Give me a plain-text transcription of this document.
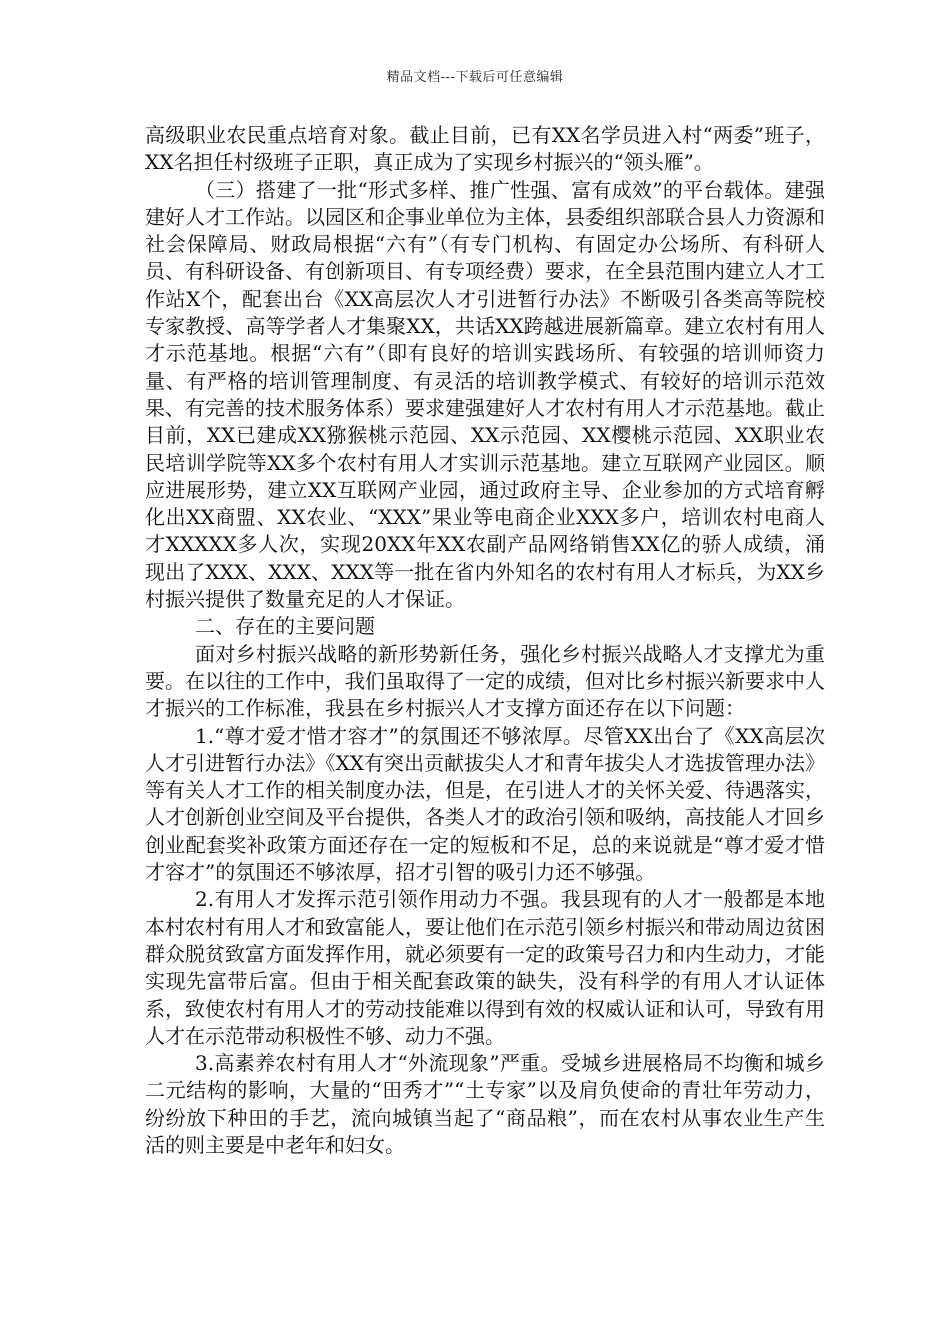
精品文档---下载后可任意编辑

高级职业农民重点培育对象。截止目前，已有XX名学员进入村“两委”班子，XX名担任村级班子正职，真正成为了实现乡村振兴的“领头雁”。

（三）搭建了一批“形式多样、推广性强、富有成效”的平台载体。建强建好人才工作站。以园区和企事业单位为主体，县委组织部联合县人力资源和社会保障局、财政局根据“六有”（有专门机构、有固定办公场所、有科研人员、有科研设备、有创新项目、有专项经费）要求，在全县范围内建立人才工作站X个，配套出台《XX高层次人才引进暂行办法》不断吸引各类高等院校专家教授、高等学者人才集聚XX，共话XX跨越进展新篇章。建立农村有用人才示范基地。根据“六有”（即有良好的培训实践场所、有较强的培训师资力量、有严格的培训管理制度、有灵活的培训教学模式、有较好的培训示范效果、有完善的技术服务体系）要求建强建好人才农村有用人才示范基地。截止目前，XX已建成XX猕猴桃示范园、XX示范园、XX樱桃示范园、XX职业农民培训学院等XX多个农村有用人才实训示范基地。建立互联网产业园区。顺应进展形势，建立XX互联网产业园，通过政府主导、企业参加的方式培育孵化出XX商盟、XX农业、“XXX”果业等电商企业XXX多户，培训农村电商人才XXXXX多人次，实现20XX年XX农副产品网络销售XX亿的骄人成绩，涌现出了XXX、XXX、XXX等一批在省内外知名的农村有用人才标兵，为XX乡村振兴提供了数量充足的人才保证。

二、存在的主要问题

面对乡村振兴战略的新形势新任务，强化乡村振兴战略人才支撑尤为重要。在以往的工作中，我们虽取得了一定的成绩，但对比乡村振兴新要求中人才振兴的工作标准，我县在乡村振兴人才支撑方面还存在以下问题：

1.“尊才爱才惜才容才”的氛围还不够浓厚。尽管XX出台了《XX高层次人才引进暂行办法》《XX有突出贡献拔尖人才和青年拔尖人才选拔管理办法》等有关人才工作的相关制度办法，但是，在引进人才的关怀关爱、待遇落实，人才创新创业空间及平台提供，各类人才的政治引领和吸纳，高技能人才回乡创业配套奖补政策方面还存在一定的短板和不足，总的来说就是“尊才爱才惜才容才”的氛围还不够浓厚，招才引智的吸引力还不够强。

2.有用人才发挥示范引领作用动力不强。我县现有的人才一般都是本地本村农村有用人才和致富能人，要让他们在示范引领乡村振兴和带动周边贫困群众脱贫致富方面发挥作用，就必须要有一定的政策号召力和内生动力，才能实现先富带后富。但由于相关配套政策的缺失，没有科学的有用人才认证体系，致使农村有用人才的劳动技能难以得到有效的权威认证和认可，导致有用人才在示范带动积极性不够、动力不强。

3.高素养农村有用人才“外流现象”严重。受城乡进展格局不均衡和城乡二元结构的影响，大量的“田秀才”“土专家”以及肩负使命的青壮年劳动力，纷纷放下种田的手艺，流向城镇当起了“商品粮”，而在农村从事农业生产生活的则主要是中老年和妇女。
